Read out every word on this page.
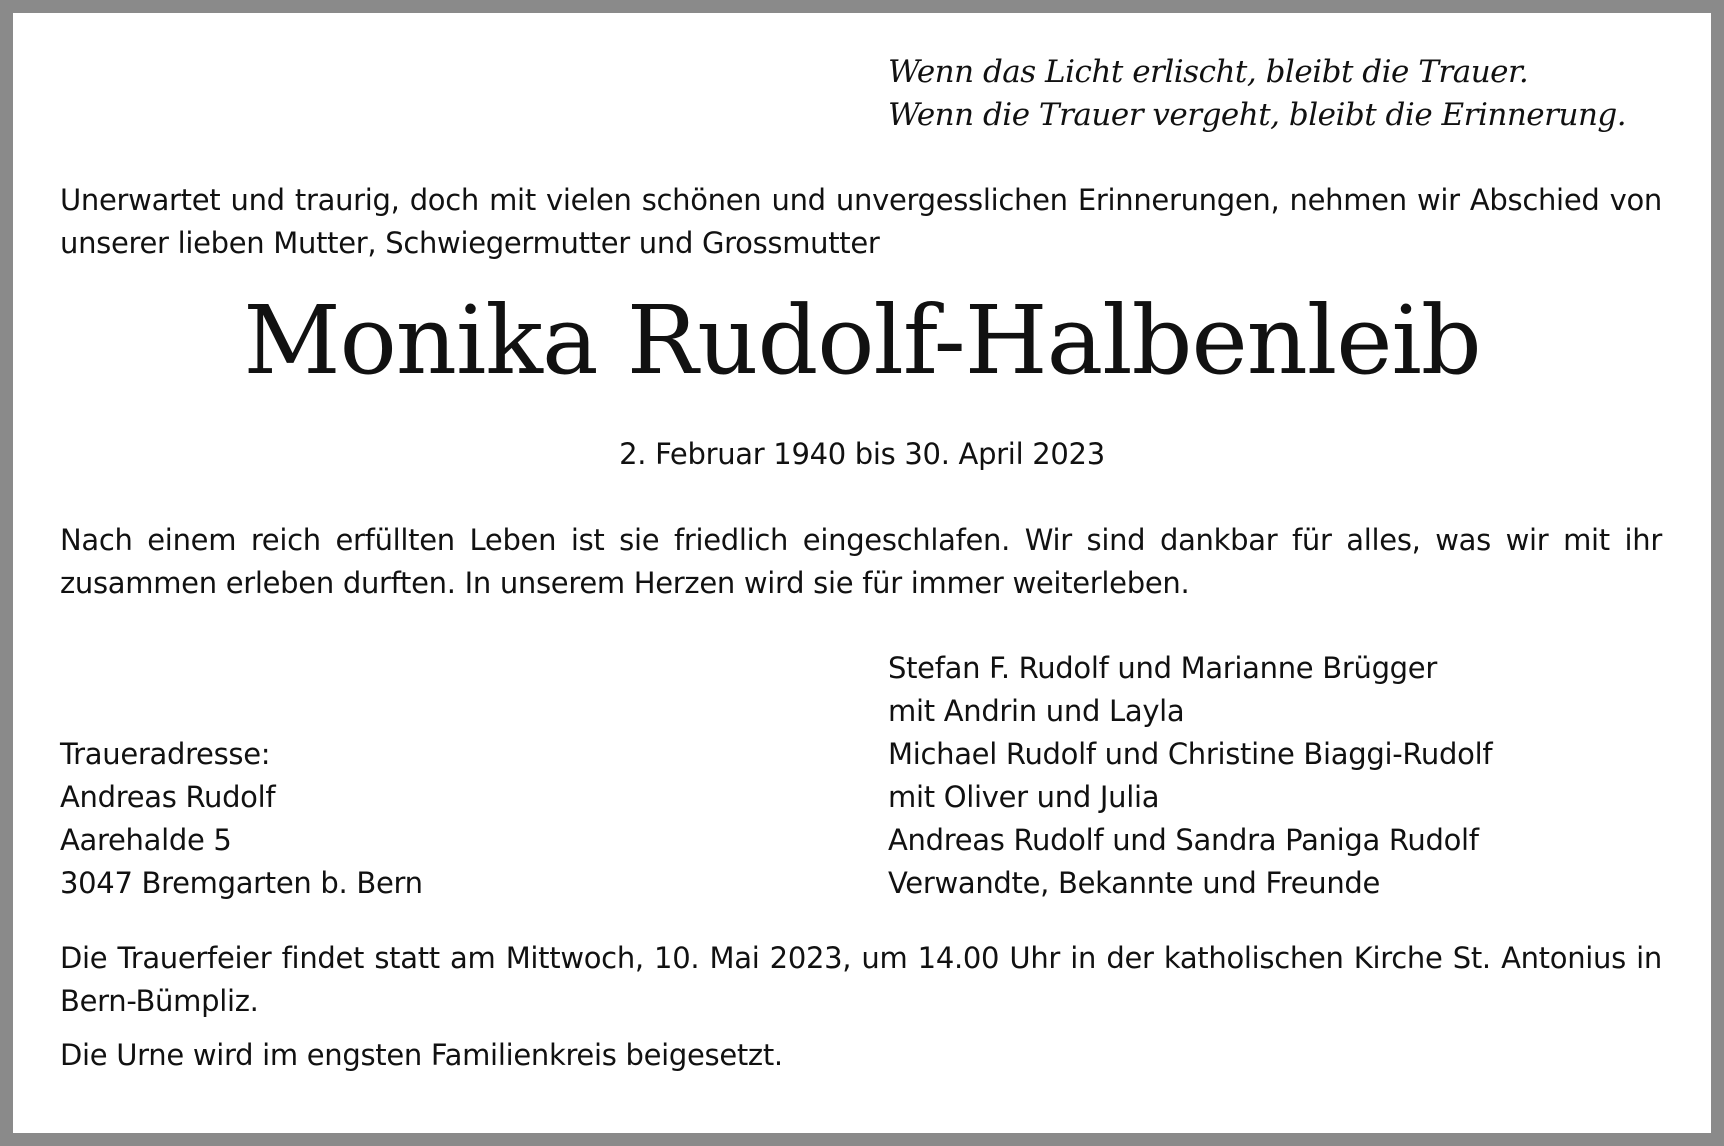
Wenn das Licht erlischt, bleibt die Trauer.
Wenn die Trauer vergeht, bleibt die Erinnerung.

Unerwartet und traurig, doch mit vielen schönen und unvergesslichen Erinnerungen, nehmen wir Abschied von unserer lieben Mutter, Schwiegermutter und Grossmutter

Monika Rudolf-Halbenleib
2. Februar 1940 bis 30. April 2023

Nach einem reich erfüllten Leben ist sie friedlich eingeschlafen. Wir sind dankbar für alles, was wir mit ihr zusammen erleben durften. In unserem Herzen wird sie für immer weiterleben.

Traueradresse:
Andreas Rudolf
Aarehalde 5
3047 Bremgarten b. Bern
Stefan F. Rudolf und Marianne Brügger
mit Andrin und Layla
Michael Rudolf und Christine Biaggi-Rudolf
mit Oliver und Julia
Andreas Rudolf und Sandra Paniga Rudolf
Verwandte, Bekannte und Freunde

Die Trauerfeier findet statt am Mittwoch, 10. Mai 2023, um 14.00 Uhr in der katholischen Kirche St. Antonius in Bern-Bümpliz.

Die Urne wird im engsten Familienkreis beigesetzt.
